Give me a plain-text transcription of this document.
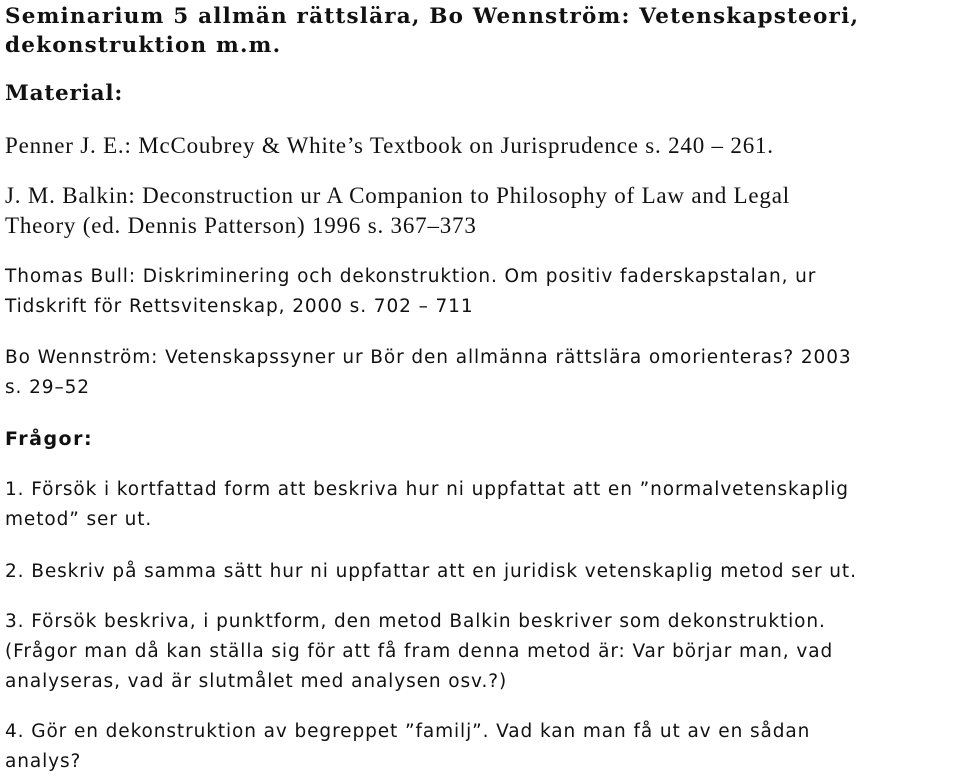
Seminarium 5 allmän rättslära, Bo Wennström: Vetenskapsteori,
dekonstruktion m.m.
Material:

Penner J. E.: McCoubrey & White’s Textbook on Jurisprudence s. 240 – 261.

J. M. Balkin: Deconstruction ur A Companion to Philosophy of Law and Legal
Theory (ed. Dennis Patterson) 1996 s. 367–373

Thomas Bull: Diskriminering och dekonstruktion. Om positiv faderskapstalan, ur
Tidskrift för Rettsvitenskap, 2000 s. 702 – 711

Bo Wennström: Vetenskapssyner ur Bör den allmänna rättslära omorienteras? 2003
s. 29–52

Frågor:

1. Försök i kortfattad form att beskriva hur ni uppfattat att en ”normalvetenskaplig
metod” ser ut.

2. Beskriv på samma sätt hur ni uppfattar att en juridisk vetenskaplig metod ser ut.

3. Försök beskriva, i punktform, den metod Balkin beskriver som dekonstruktion.
(Frågor man då kan ställa sig för att få fram denna metod är: Var börjar man, vad
analyseras, vad är slutmålet med analysen osv.?)

4. Gör en dekonstruktion av begreppet ”familj”. Vad kan man få ut av en sådan
analys?
